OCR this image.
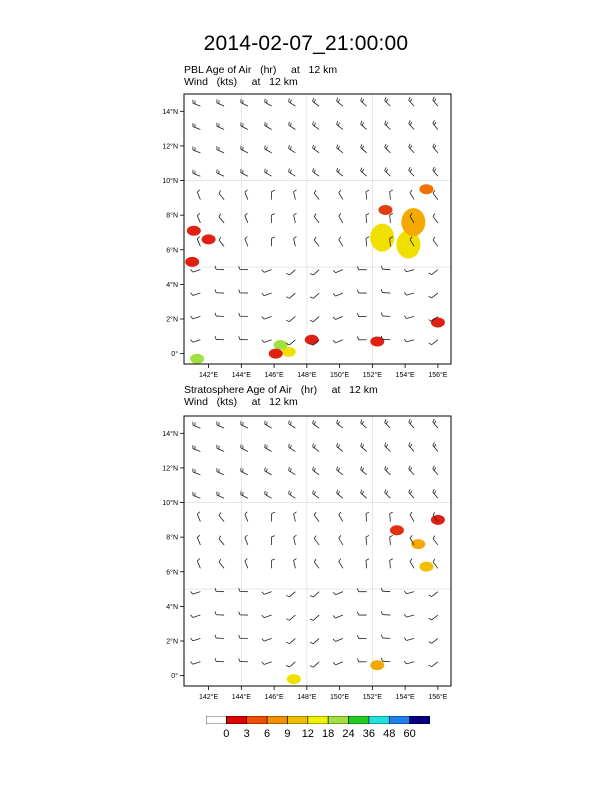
2014-02-07_21:00:00
PBL Age of Air   (hr)     at   12 km
Wind   (kts)     at   12 km
142°E 144°E 146°E 148°E 150°E 152°E 154°E 156°E
0°
2°N
4°N
6°N
8°N
10°N
12°N
14°N
Stratosphere Age of Air   (hr)     at   12 km
Wind   (kts)     at   12 km
142°E 144°E 146°E 148°E 150°E 152°E 154°E 156°E
0°
2°N
4°N
6°N
8°N
10°N
12°N
14°N
0 3 6 9 12 18 24 36 48 60
